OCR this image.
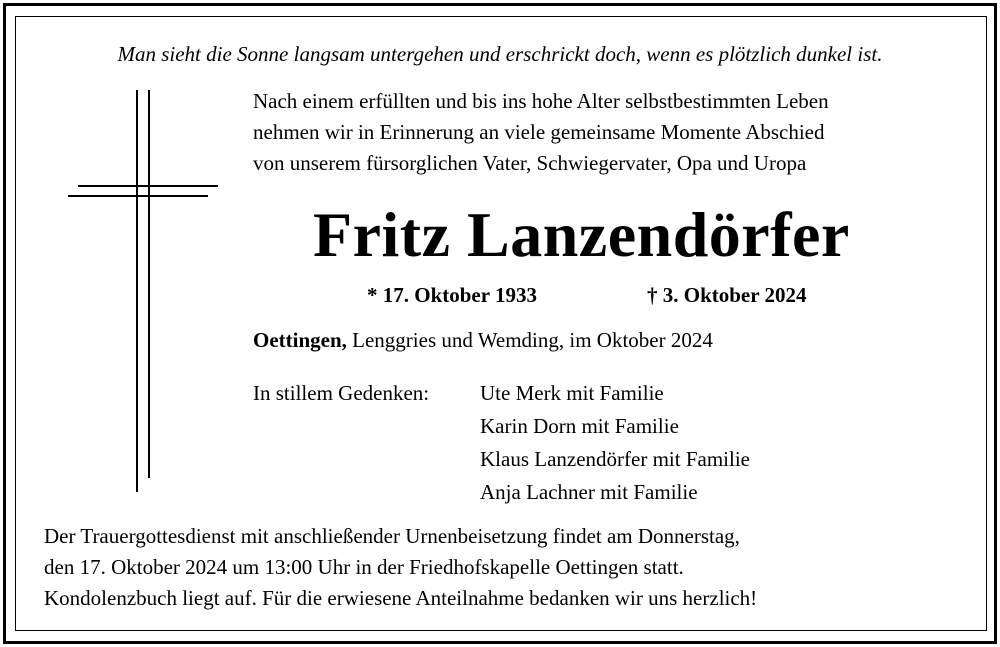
Man sieht die Sonne langsam untergehen und erschrickt doch, wenn es plötzlich dunkel ist.
Nach einem erfüllten und bis ins hohe Alter selbstbestimmten Leben
nehmen wir in Erinnerung an viele gemeinsame Momente Abschied
von unserem fürsorglichen Vater, Schwiegervater, Opa und Uropa
Fritz Lanzendörfer
* 17. Oktober 1933	† 3. Oktober 2024
Oettingen, Lenggries und Wemding, im Oktober 2024
In stillem Gedenken: Ute Merk mit Familie
Karin Dorn mit Familie
Klaus Lanzendörfer mit Familie
Anja Lachner mit Familie
Der Trauergottesdienst mit anschließender Urnenbeisetzung findet am Donnerstag,
den 17. Oktober 2024 um 13:00 Uhr in der Friedhofskapelle Oettingen statt.
Kondolenzbuch liegt auf. Für die erwiesene Anteilnahme bedanken wir uns herzlich!
